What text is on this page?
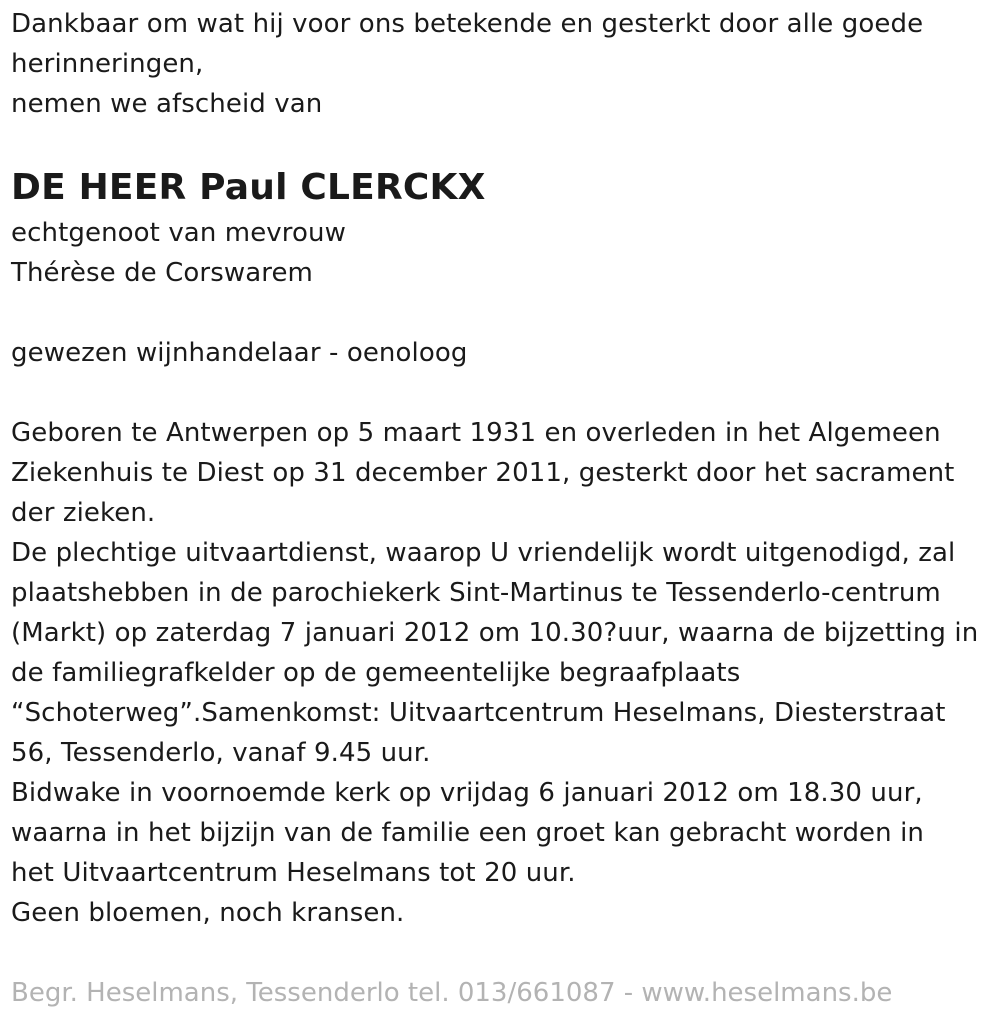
Dankbaar om wat hij voor ons betekende en gesterkt door alle goede
herinneringen,
nemen we afscheid van
DE HEER Paul CLERCKX
echtgenoot van mevrouw
Thérèse de Corswarem
gewezen wijnhandelaar - oenoloog
Geboren te Antwerpen op 5 maart 1931 en overleden in het Algemeen
Ziekenhuis te Diest op 31 december 2011, gesterkt door het sacrament
der zieken.
De plechtige uitvaartdienst, waarop U vriendelijk wordt uitgenodigd, zal
plaatshebben in de parochiekerk Sint-Martinus te Tessenderlo-centrum
(Markt) op zaterdag 7 januari 2012 om 10.30?uur, waarna de bijzetting in
de familiegrafkelder op de gemeentelijke begraafplaats
“Schoterweg”.Samenkomst: Uitvaartcentrum Heselmans, Diesterstraat
56, Tessenderlo, vanaf 9.45 uur.
Bidwake in voornoemde kerk op vrijdag 6 januari 2012 om 18.30 uur,
waarna in het bijzijn van de familie een groet kan gebracht worden in
het Uitvaartcentrum Heselmans tot 20 uur.
Geen bloemen, noch kransen.
Begr. Heselmans, Tessenderlo tel. 013/661087 - www.heselmans.be
